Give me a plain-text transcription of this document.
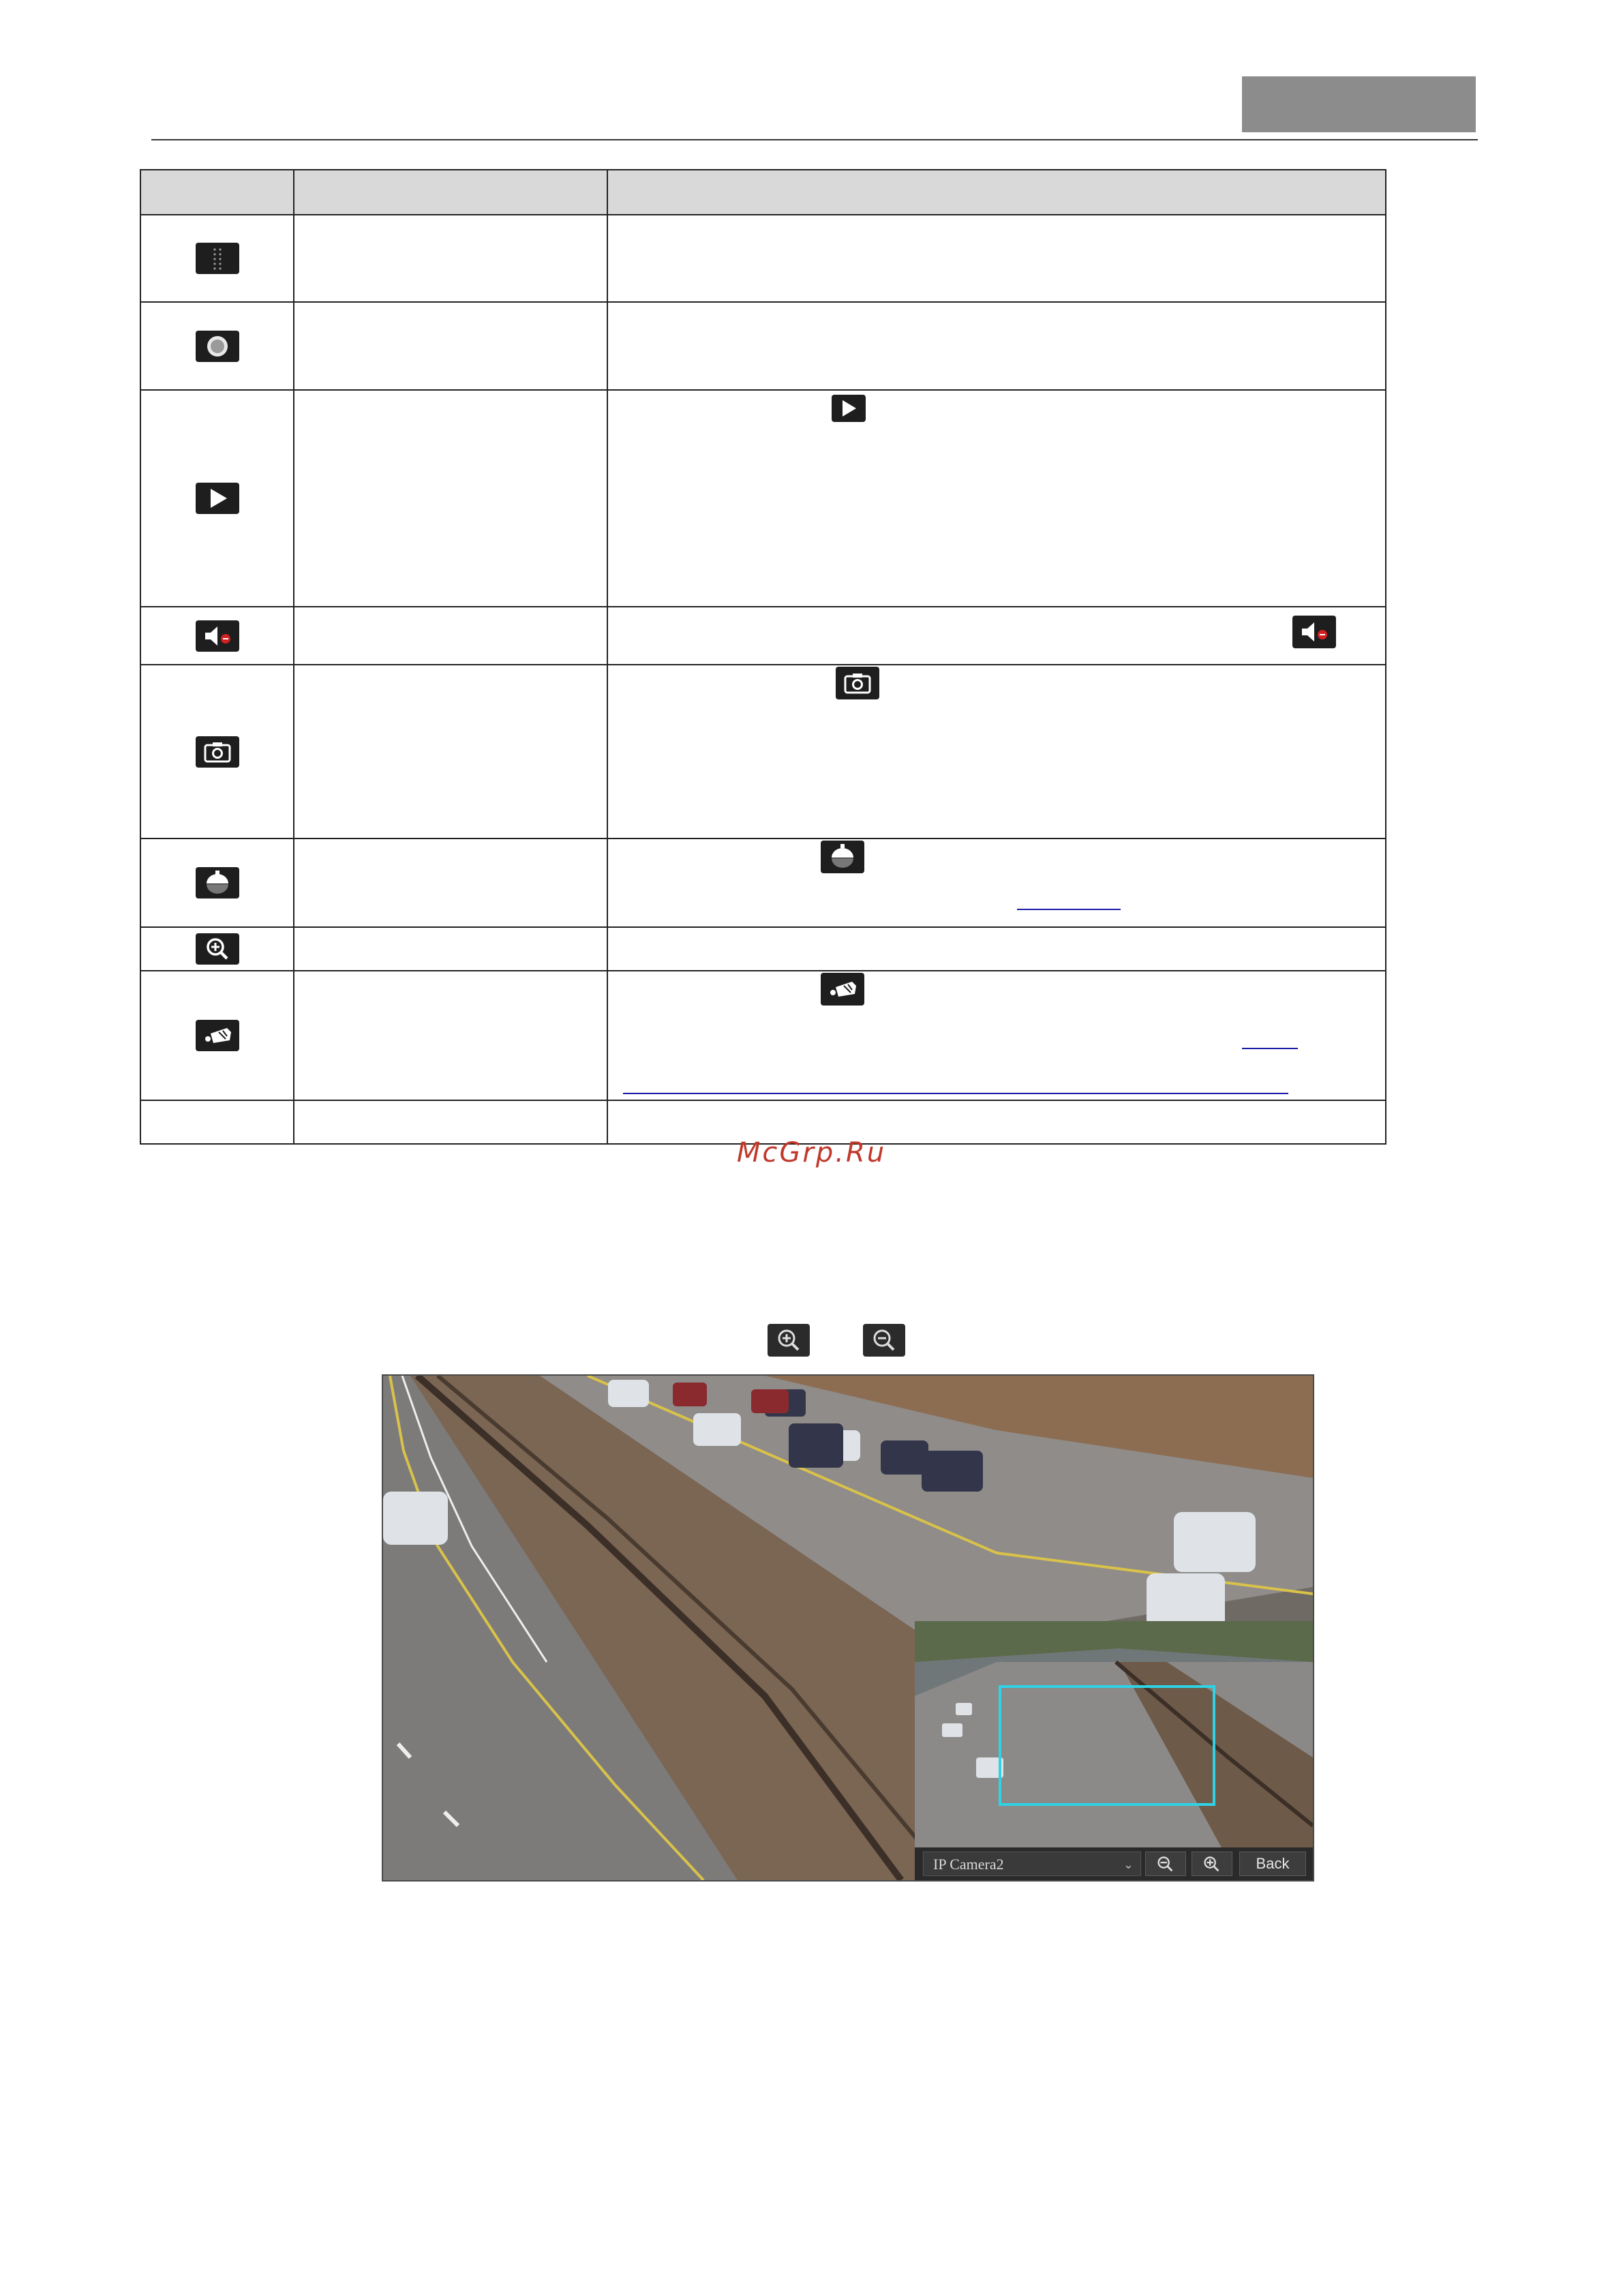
McGrp.Ru
IP Camera2	⌄	Back
